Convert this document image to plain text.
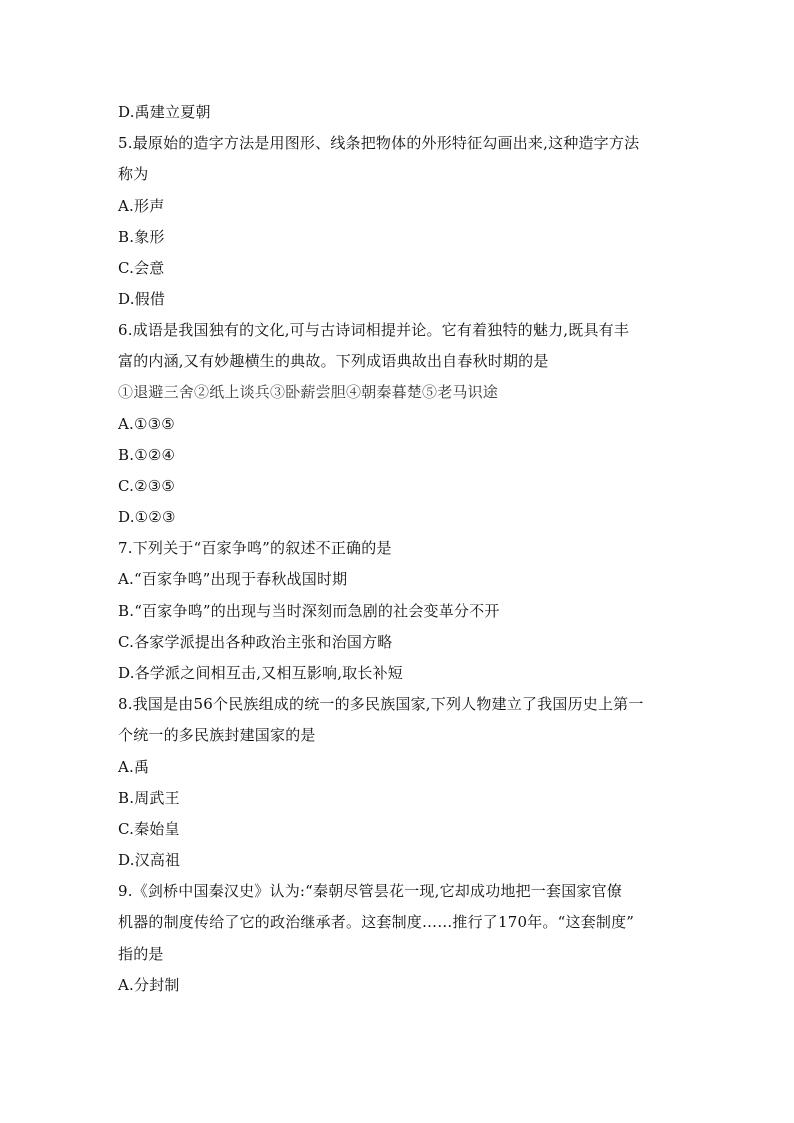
D.禹建立夏朝
5.最原始的造字方法是用图形、线条把物体的外形特征勾画出来,这种造字方法
称为
A.形声
B.象形
C.会意
D.假借
6.成语是我国独有的文化,可与古诗词相提并论。它有着独特的魅力,既具有丰
富的内涵,又有妙趣横生的典故。下列成语典故出自春秋时期的是
①退避三舍②纸上谈兵③卧薪尝胆④朝秦暮楚⑤老马识途
A.①③⑤
B.①②④
C.②③⑤
D.①②③
7.下列关于“百家争鸣”的叙述不正确的是
A.“百家争鸣”出现于春秋战国时期
B.“百家争鸣”的出现与当时深刻而急剧的社会变革分不开
C.各家学派提出各种政治主张和治国方略
D.各学派之间相互击,又相互影响,取长补短
8.我国是由56个民族组成的统一的多民族国家,下列人物建立了我国历史上第一
个统一的多民族封建国家的是
A.禹
B.周武王
C.秦始皇
D.汉高祖
9.《剑桥中国秦汉史》认为:“秦朝尽管昙花一现,它却成功地把一套国家官僚
机器的制度传给了它的政治继承者。这套制度……推行了170年。“这套制度”
指的是
A.分封制
